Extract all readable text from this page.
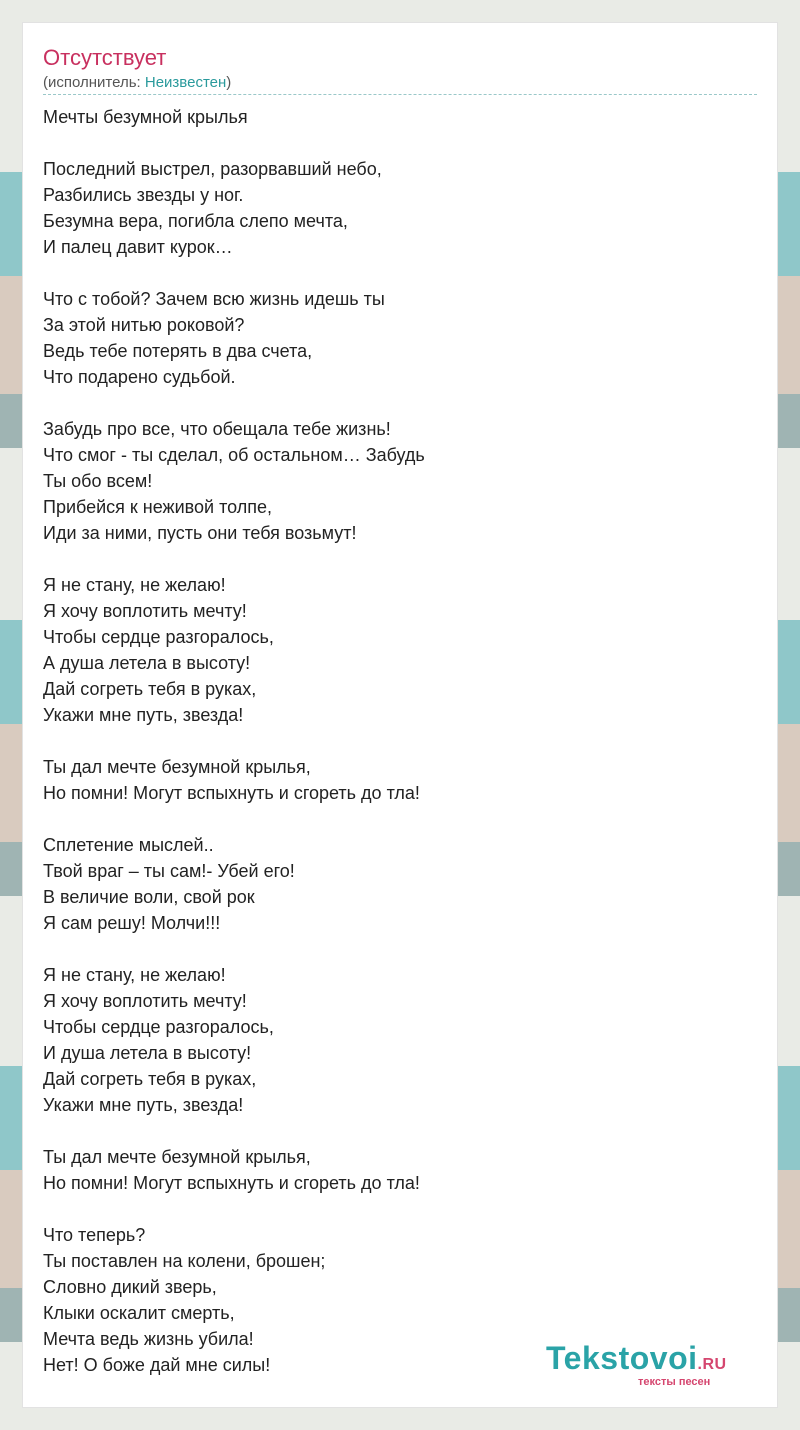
Отсутствует
(исполнитель: Неизвестен)
Мечты безумной крылья
Последний выстрел, разорвавший небо,
Разбились звезды у ног.
Безумна вера, погибла слепо мечта,
И палец давит курок…
Что с тобой? Зачем всю жизнь идешь ты
За этой нитью роковой?
Ведь тебе потерять в два счета,
Что подарено судьбой.
Забудь про все, что обещала тебе жизнь!
Что смог - ты сделал, об остальном… Забудь
Ты обо всем!
Прибейся к неживой толпе,
Иди за ними, пусть они тебя возьмут!
Я не стану, не желаю!
Я хочу воплотить мечту!
Чтобы сердце разгоралось,
А душа летела в высоту!
Дай согреть тебя в руках,
Укажи мне путь, звезда!
Ты дал мечте безумной крылья,
Но помни! Могут вспыхнуть и сгореть до тла!
Сплетение мыслей..
Твой враг – ты сам!- Убей его!
В величие воли, свой рок
Я сам решу! Молчи!!!
Я не стану, не желаю!
Я хочу воплотить мечту!
Чтобы сердце разгоралось,
И душа летела в высоту!
Дай согреть тебя в руках,
Укажи мне путь, звезда!
Ты дал мечте безумной крылья,
Но помни! Могут вспыхнуть и сгореть до тла!
Что теперь?
Ты поставлен на колени, брошен;
Словно дикий зверь,
Клыки оскалит смерть,
Мечта ведь жизнь убила!
Нет! О боже дай мне силы!	Tekstovoi.RU
тексты песен
